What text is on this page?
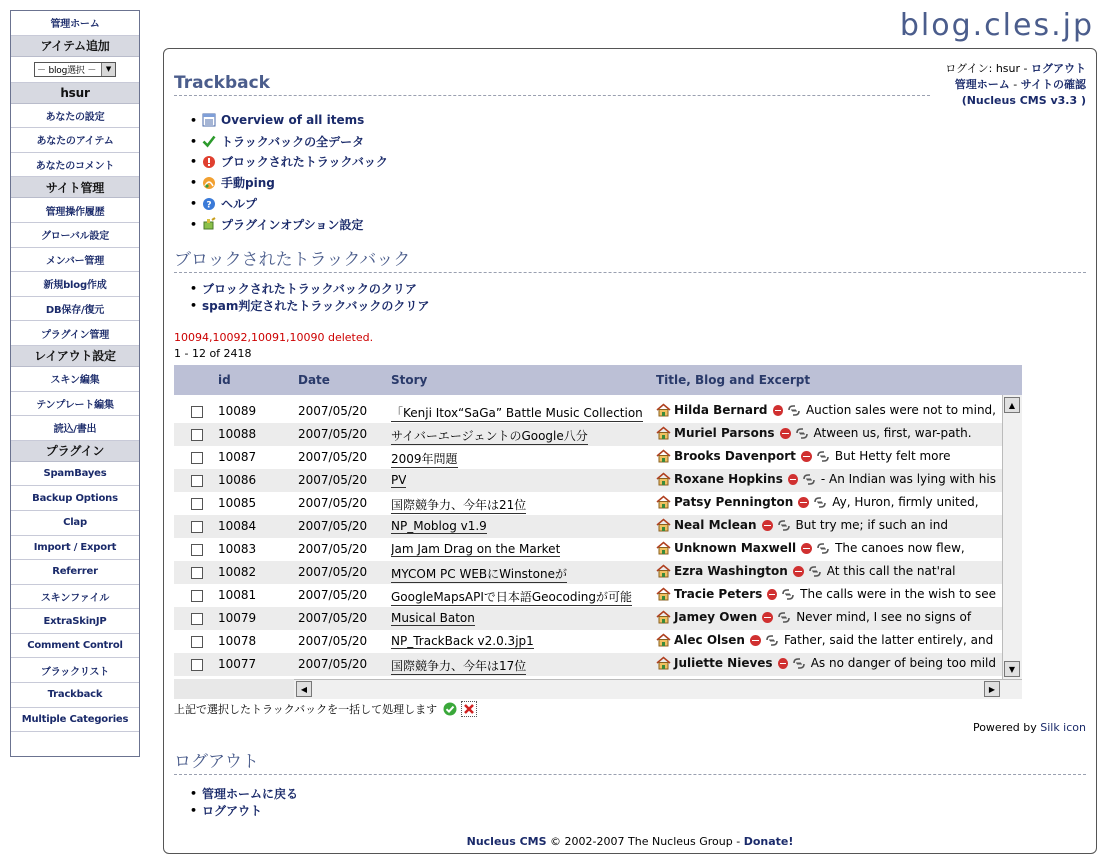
管理ホーム
アイテム追加
－ blog選択 －	▼
hsur
あなたの設定
あなたのアイテム
あなたのコメント
サイト管理
管理操作履歴
グローバル設定
メンバー管理
新規blog作成
DB保存/復元
プラグイン管理
レイアウト設定
スキン編集
テンプレート編集
読込/書出
プラグイン
SpamBayes
Backup Options
Clap
Import / Export
Referrer
スキンファイル
ExtraSkinJP
Comment Control
ブラックリスト
Trackback
Multiple Categories
blog.cles.jp
Trackback
ログイン: hsur - ログアウト
管理ホーム - サイトの確認
(Nucleus CMS v3.3 )
• Overview of all items
• トラックバックの全データ
• ブロックされたトラックバック
• 手動ping
• ? ヘルプ
• プラグインオプション設定
ブロックされたトラックバック
• ブロックされたトラックバックのクリア
• spam判定されたトラックバックのクリア
10094,10092,10091,10090 deleted.
1 - 12 of 2418
id	Date	Story	Title, Blog and Excerpt
10089	2007/05/20 「Kenji Itox“SaGa” Battle Music Collection	Hilda Bernard	Auction sales were not to mind,
10088	2007/05/20 サイバーエージェントのGoogle八分	Muriel Parsons	Atween us, first, war-path.
10087	2007/05/20 2009年問題	Brooks Davenport	But Hetty felt more
10086	2007/05/20 PV	Roxane Hopkins	- An Indian was lying with his
10085	2007/05/20 国際競争力、今年は21位	Patsy Pennington	Ay, Huron, firmly united,
10084	2007/05/20 NP_Moblog v1.9	Neal Mclean	But try me; if such an ind
10083	2007/05/20 Jam Jam Drag on the Market	Unknown Maxwell	The canoes now flew,
10082	2007/05/20 MYCOM PC WEBにWinstoneが	Ezra Washington	At this call the nat'ral
10081	2007/05/20 GoogleMapsAPIで日本語Geocodingが可能	Tracie Peters	The calls were in the wish to see
10079	2007/05/20 Musical Baton	Jamey Owen	Never mind, I see no signs of
10078	2007/05/20 NP_TrackBack v2.0.3jp1	Alec Olsen	Father, said the latter entirely, and
10077	2007/05/20 国際競争力、今年は17位	Juliette Nieves	As no danger of being too mild
▲
▼
◀	▶
上記で選択したトラックバックを一括して処理します
Powered by Silk icon
ログアウト
• 管理ホームに戻る
• ログアウト
Nucleus CMS © 2002-2007 The Nucleus Group - Donate!
